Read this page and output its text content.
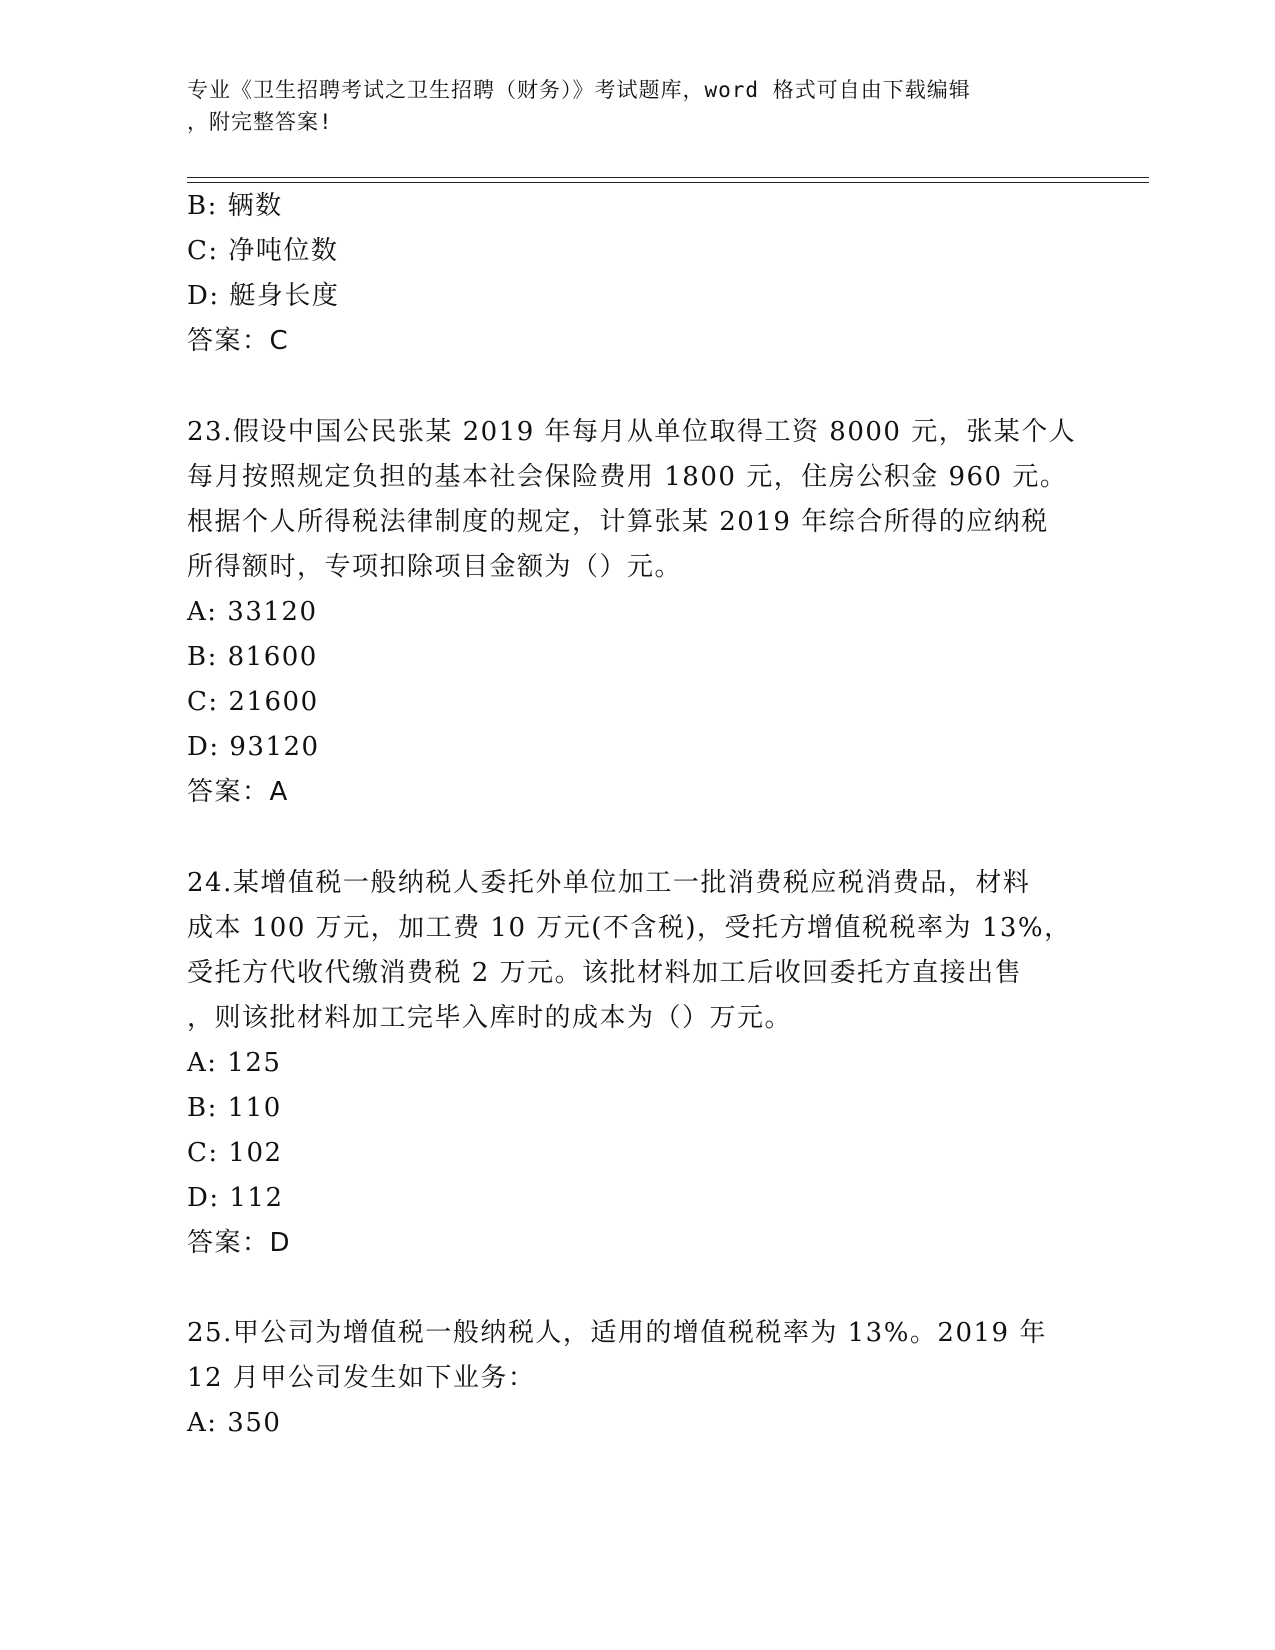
专业《卫生招聘考试之卫生招聘（财务）》考试题库，word 格式可自由下载编辑
，附完整答案!
B: 辆数
C: 净吨位数
D: 艇身长度
答案：C
23.假设中国公民张某 2019 年每月从单位取得工资 8000 元，张某个人
每月按照规定负担的基本社会保险费用 1800 元，住房公积金 960 元。
根据个人所得税法律制度的规定，计算张某 2019 年综合所得的应纳税
所得额时，专项扣除项目金额为（）元。
A: 33120
B: 81600
C: 21600
D: 93120
答案：A
24.某增值税一般纳税人委托外单位加工一批消费税应税消费品，材料
成本 100 万元，加工费 10 万元(不含税)，受托方增值税税率为 13%，
受托方代收代缴消费税 2 万元。该批材料加工后收回委托方直接出售
，则该批材料加工完毕入库时的成本为（）万元。
A: 125
B: 110
C: 102
D: 112
答案：D
25.甲公司为增值税一般纳税人，适用的增值税税率为 13%。2019 年
12 月甲公司发生如下业务：
A: 350
